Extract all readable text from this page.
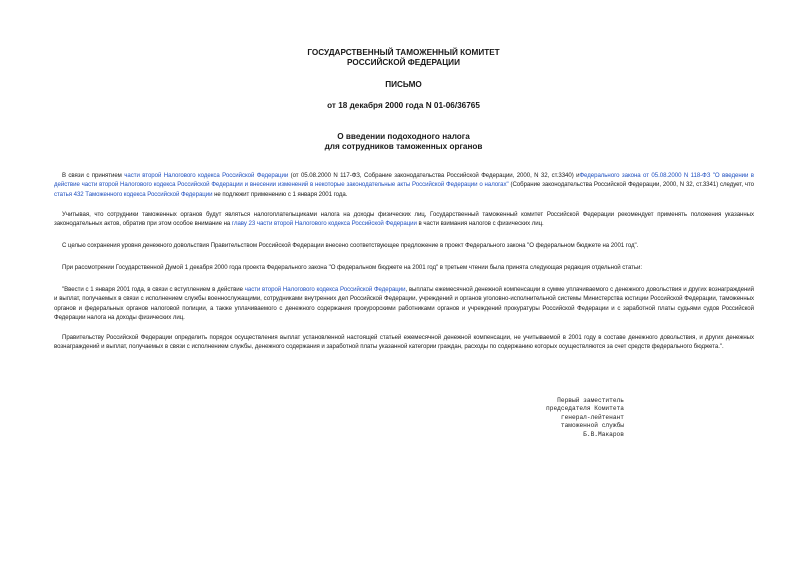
ГОСУДАРСТВЕННЫЙ ТАМОЖЕННЫЙ КОМИТЕТ

РОССИЙСКОЙ ФЕДЕРАЦИИ

ПИСЬМО

от 18 декабря 2000 года N 01-06/36765

О введении подоходного налога

для сотрудников таможенных органов

В связи с принятием части второй Налогового кодекса Российской Федерации (от 05.08.2000 N 117-ФЗ, Собрание законодательства Российской Федерации, 2000, N 32, ст.3340) иФедерального закона от 05.08.2000 N 118-ФЗ "О введении в действие части второй Налогового кодекса Российской Федерации и внесении изменений в некоторые законодательные акты Российской Федерации о налогах" (Собрание законодательства Российской Федерации, 2000, N 32, ст.3341) следует, что статья 432 Таможенного кодекса Российской Федерации не подлежит применению с 1 января 2001 года.

Учитывая, что сотрудники таможенных органов будут являться налогоплательщиками налога на доходы физических лиц, Государственный таможенный комитет Российской Федерации рекомендует применять положения указанных законодательных актов, обратив при этом особое внимание на главу 23 части второй Налогового кодекса Российской Федерации в части взимания налогов с физических лиц.

С целью сохранения уровня денежного довольствия Правительством Российской Федерации внесено соответствующее предложение в проект Федерального закона "О федеральном бюджете на 2001 год".

При рассмотрении Государственной Думой 1 декабря 2000 года проекта Федерального закона "О федеральном бюджете на 2001 год" в третьем чтении была принята следующая редакция отдельной статьи:

"Ввести с 1 января 2001 года, в связи с вступлением в действие части второй Налогового кодекса Российской Федерации, выплаты ежемесячной денежной компенсации в сумме уплачиваемого с денежного довольствия и других вознаграждений и выплат, получаемых в связи с исполнением службы военнослужащими, сотрудниками внутренних дел Российской Федерации, учреждений и органов уголовно-исполнительной системы Министерства юстиции Российской Федерации, таможенных органов и федеральных органов налоговой полиции, а также уплачиваемого с денежного содержания прокурорскими работниками органов и учреждений прокуратуры Российской Федерации и с заработной платы судьями судов Российской Федерации налога на доходы физических лиц.

Правительству Российской Федерации определить порядок осуществления выплат установленной настоящей статьей ежемесячной денежной компенсации, не учитываемой в 2001 году в составе денежного довольствия, и других денежных вознаграждений и выплат, получаемых в связи с исполнением службы, денежного содержания и заработной платы указанной категории граждан, расходы по содержанию которых осуществляются за счет средств федерального бюджета.".

Первый заместитель
председателя Комитета
генерал-лейтенант
таможенной службы
Б.В.Макаров
